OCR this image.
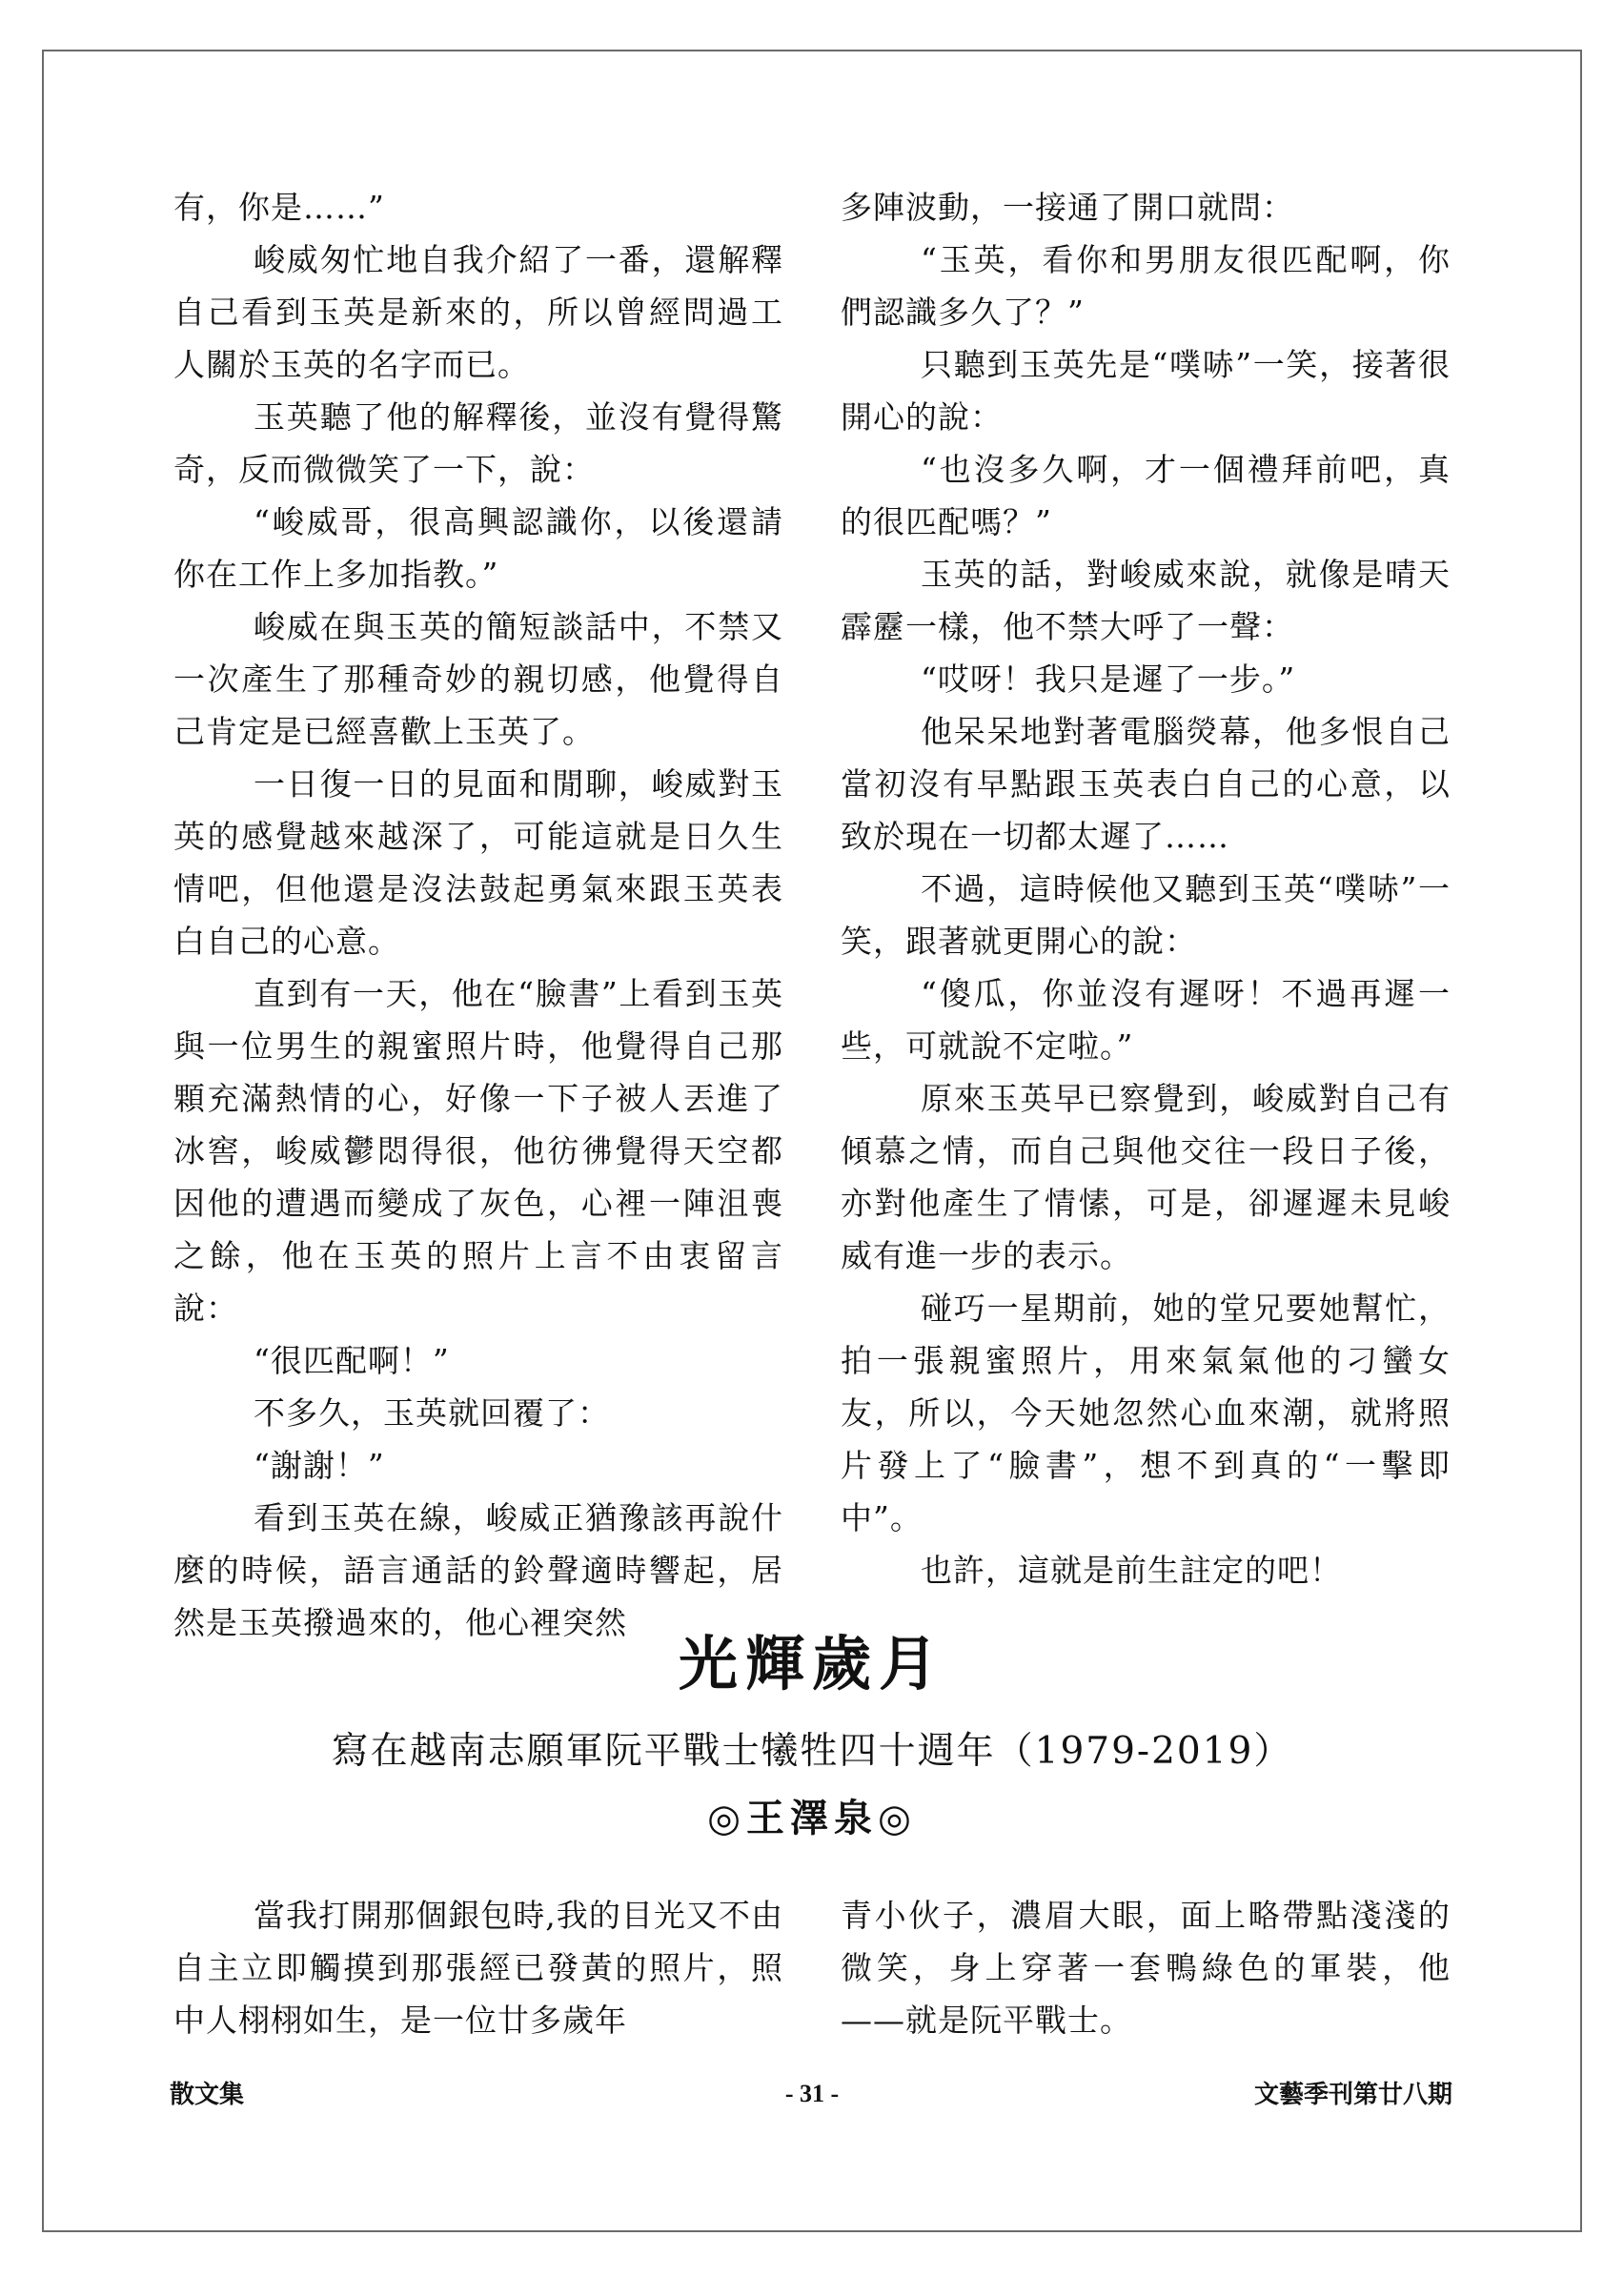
有，你是……”

峻威匆忙地自我介紹了一番，還解釋自己看到玉英是新來的，所以曾經問過工人關於玉英的名字而已。

玉英聽了他的解釋後，並沒有覺得驚奇，反而微微笑了一下，說：

“峻威哥，很高興認識你，以後還請你在工作上多加指教。”

峻威在與玉英的簡短談話中，不禁又一次產生了那種奇妙的親切感，他覺得自己肯定是已經喜歡上玉英了。

一日復一日的見面和閒聊，峻威對玉英的感覺越來越深了，可能這就是日久生情吧，但他還是沒法鼓起勇氣來跟玉英表白自己的心意。

直到有一天，他在“臉書”上看到玉英與一位男生的親蜜照片時，他覺得自己那顆充滿熱情的心，好像一下子被人丟進了冰窖，峻威鬱悶得很，他彷彿覺得天空都因他的遭遇而變成了灰色，心裡一陣沮喪之餘，他在玉英的照片上言不由衷留言說：

“很匹配啊！”

不多久，玉英就回覆了：

“謝謝！”

看到玉英在線，峻威正猶豫該再說什麼的時候，語言通話的鈴聲適時響起，居然是玉英撥過來的，他心裡突然

多陣波動，一接通了開口就問：

“玉英，看你和男朋友很匹配啊，你們認識多久了？”

只聽到玉英先是“噗哧”一笑，接著很開心的說：

“也沒多久啊，才一個禮拜前吧，真的很匹配嗎？”

玉英的話，對峻威來說，就像是晴天霹靂一樣，他不禁大呼了一聲：

“哎呀！我只是遲了一步。”

他呆呆地對著電腦熒幕，他多恨自己當初沒有早點跟玉英表白自己的心意，以致於現在一切都太遲了……

不過，這時候他又聽到玉英“噗哧”一笑，跟著就更開心的說：

“傻瓜，你並沒有遲呀！不過再遲一些，可就說不定啦。”

原來玉英早已察覺到，峻威對自己有傾慕之情，而自己與他交往一段日子後，亦對他產生了情愫，可是，卻遲遲未見峻威有進一步的表示。

碰巧一星期前，她的堂兄要她幫忙，拍一張親蜜照片，用來氣氣他的刁蠻女友，所以，今天她忽然心血來潮，就將照片發上了“臉書”，想不到真的“一擊即中”。

也許，這就是前生註定的吧！

光輝歲月
寫在越南志願軍阮平戰士犧牲四十週年（1979-2019）
◎王澤泉◎

當我打開那個銀包時,我的目光又不由自主立即觸摸到那張經已發黃的照片，照中人栩栩如生，是一位廿多歲年

青小伙子，濃眉大眼，面上略帶點淺淺的微笑，身上穿著一套鴨綠色的軍裝，他——就是阮平戰士。

散文集	- 31 -	文藝季刊第廿八期
